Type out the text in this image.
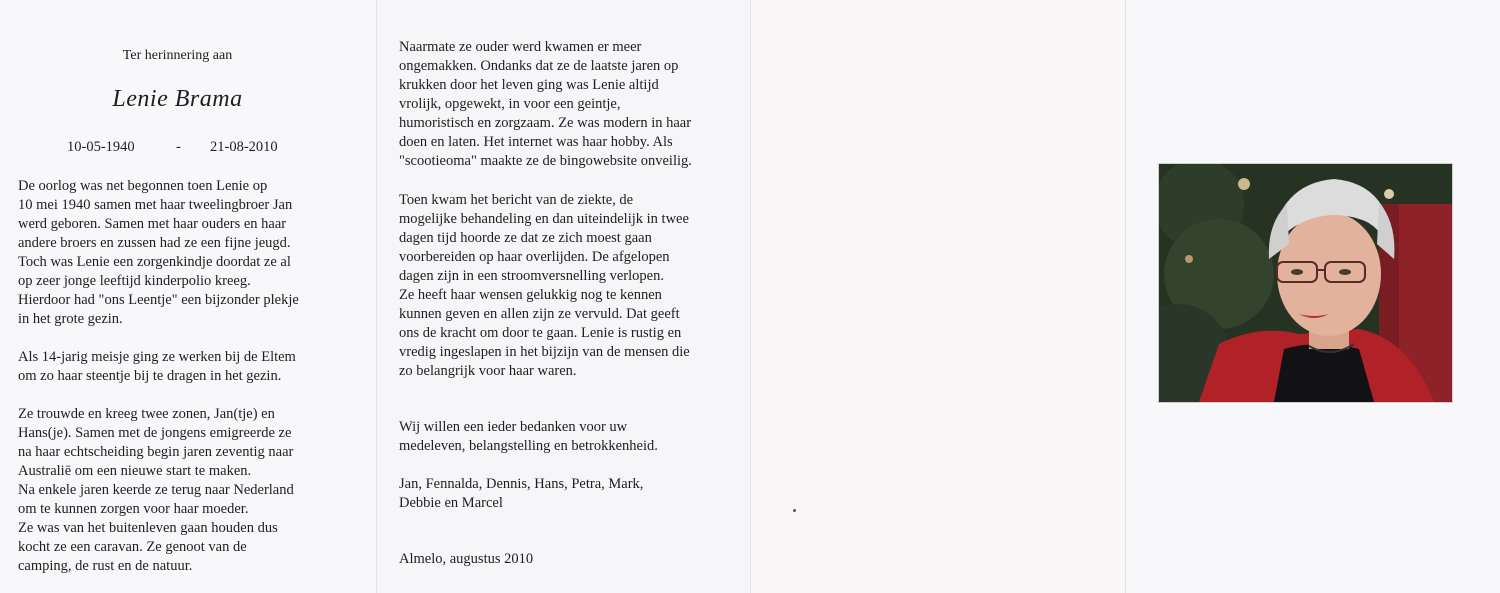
Ter herinnering aan
Lenie Brama
10-05-1940	- 21-08-2010
De oorlog was net begonnen toen Lenie op
10 mei 1940 samen met haar tweelingbroer Jan
werd geboren. Samen met haar ouders en haar
andere broers en zussen had ze een fijne jeugd.
Toch was Lenie een zorgenkindje doordat ze al
op zeer jonge leeftijd kinderpolio kreeg.
Hierdoor had "ons Leentje" een bijzonder plekje
in het grote gezin.
Als 14-jarig meisje ging ze werken bij de Eltem
om zo haar steentje bij te dragen in het gezin.
Ze trouwde en kreeg twee zonen, Jan(tje) en
Hans(je). Samen met de jongens emigreerde ze
na haar echtscheiding begin jaren zeventig naar
Australiē om een nieuwe start te maken.
Na enkele jaren keerde ze terug naar Nederland
om te kunnen zorgen voor haar moeder.
Ze was van het buitenleven gaan houden dus
kocht ze een caravan. Ze genoot van de
camping, de rust en de natuur.
Naarmate ze ouder werd kwamen er meer
ongemakken. Ondanks dat ze de laatste jaren op
krukken door het leven ging was Lenie altijd
vrolijk, opgewekt, in voor een geintje,
humoristisch en zorgzaam. Ze was modern in haar
doen en laten. Het internet was haar hobby. Als
"scootieoma" maakte ze de bingowebsite onveilig.
Toen kwam het bericht van de ziekte, de
mogelijke behandeling en dan uiteindelijk in twee
dagen tijd hoorde ze dat ze zich moest gaan
voorbereiden op haar overlijden. De afgelopen
dagen zijn in een stroomversnelling verlopen.
Ze heeft haar wensen gelukkig nog te kennen
kunnen geven en allen zijn ze vervuld. Dat geeft
ons de kracht om door te gaan. Lenie is rustig en
vredig ingeslapen in het bijzijn van de mensen die
zo belangrijk voor haar waren.
Wij willen een ieder bedanken voor uw
medeleven, belangstelling en betrokkenheid.
Jan, Fennalda, Dennis, Hans, Petra, Mark,
Debbie en Marcel
Almelo, augustus 2010
